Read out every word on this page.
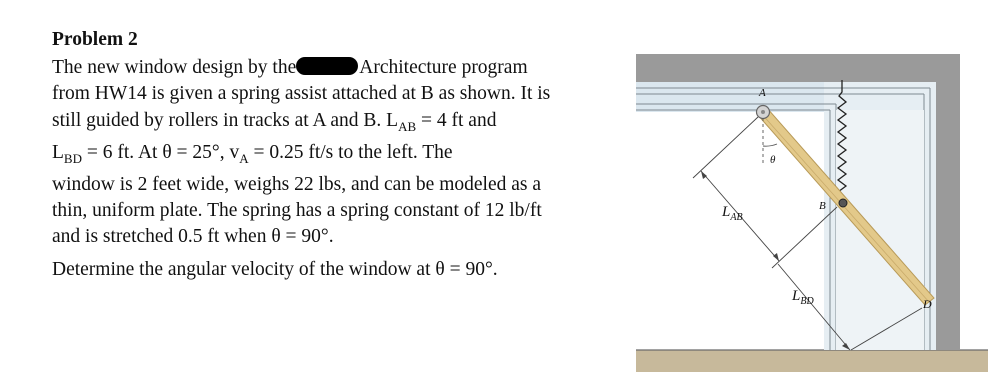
Problem 2
The new window design by the	Architecture program
from HW14 is given a spring assist attached at B as shown. It is
still guided by rollers in tracks at A and B. $L_{AB} = 4$ ft and
$L_{BD} = 6$ ft. At θ = 25°, $v_A = 0.25$ ft/s to the left. The
window is 2 feet wide, weighs 22 lbs, and can be modeled as a
thin, uniform plate. The spring has a spring constant of 12 lb/ft
and is stretched 0.5 ft when θ = 90°.
Determine the angular velocity of the window at θ = 90°.
A
θ
B
D
$L_{AB}$
$L_{BD}$
